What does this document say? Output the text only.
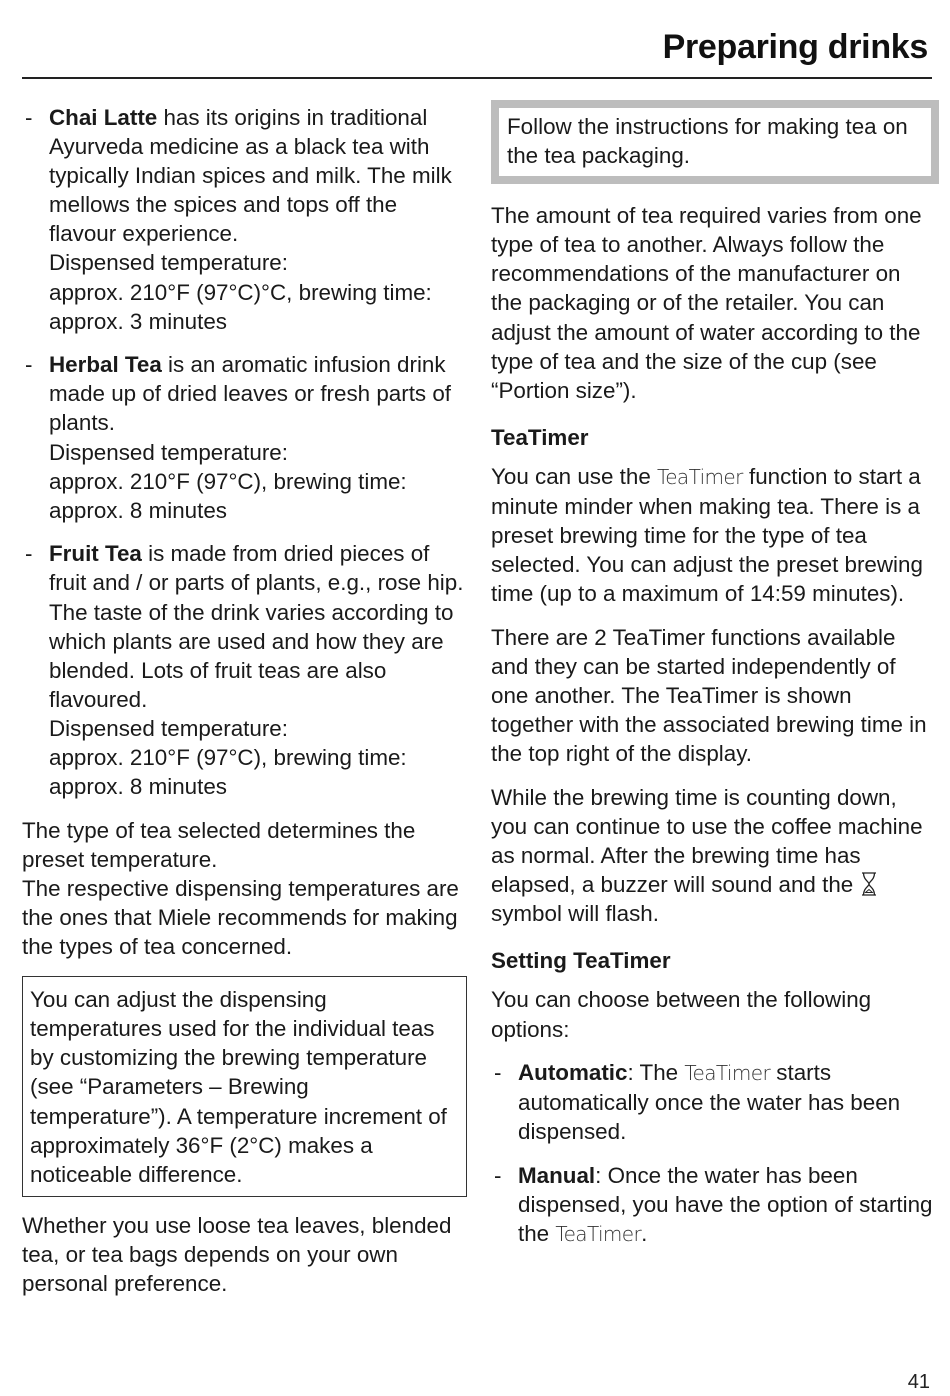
Preparing drinks
- Chai Latte has its origins in traditional Ayurveda medicine as a black tea with typically Indian spices and milk. The milk mellows the spices and tops off the flavour experience.
Dispensed temperature:
approx. 210°F (97°C)°C, brewing time: approx. 3 minutes
- Herbal Tea is an aromatic infusion drink made up of dried leaves or fresh parts of plants.
Dispensed temperature:
approx. 210°F (97°C), brewing time: approx. 8 minutes
- Fruit Tea is made from dried pieces of fruit and / or parts of plants, e.g., rose hip. The taste of the drink varies according to which plants are used and how they are blended. Lots of fruit teas are also flavoured.
Dispensed temperature:
approx. 210°F (97°C), brewing time: approx. 8 minutes

The type of tea selected determines the preset temperature.
The respective dispensing temperatures are the ones that Miele recommends for making the types of tea concerned.

You can adjust the dispensing temperatures used for the individual teas by customizing the brewing temperature (see “Parameters – Brewing temperature”). A temperature increment of approximately 36°F (2°C) makes a noticeable difference.

Whether you use loose tea leaves, blended tea, or tea bags depends on your own personal preference.

Follow the instructions for making tea on the tea packaging.

The amount of tea required varies from one type of tea to another. Always follow the recommendations of the manufacturer on the packaging or of the retailer. You can adjust the amount of water according to the type of tea and the size of the cup (see “Portion size”).

TeaTimer

You can use the TeaTimer function to start a minute minder when making tea. There is a preset brewing time for the type of tea selected. You can adjust the preset brewing time (up to a maximum of 14:59 minutes).

There are 2 TeaTimer functions available and they can be started independently of one another. The TeaTimer is shown together with the associated brewing time in the top right of the display.

While the brewing time is counting down, you can continue to use the coffee machine as normal. After the brewing time has elapsed, a buzzer will sound and the  symbol will flash.

Setting TeaTimer

You can choose between the following options:

- Automatic: The TeaTimer starts automatically once the water has been dispensed.
- Manual: Once the water has been dispensed, you have the option of starting the TeaTimer.
41
